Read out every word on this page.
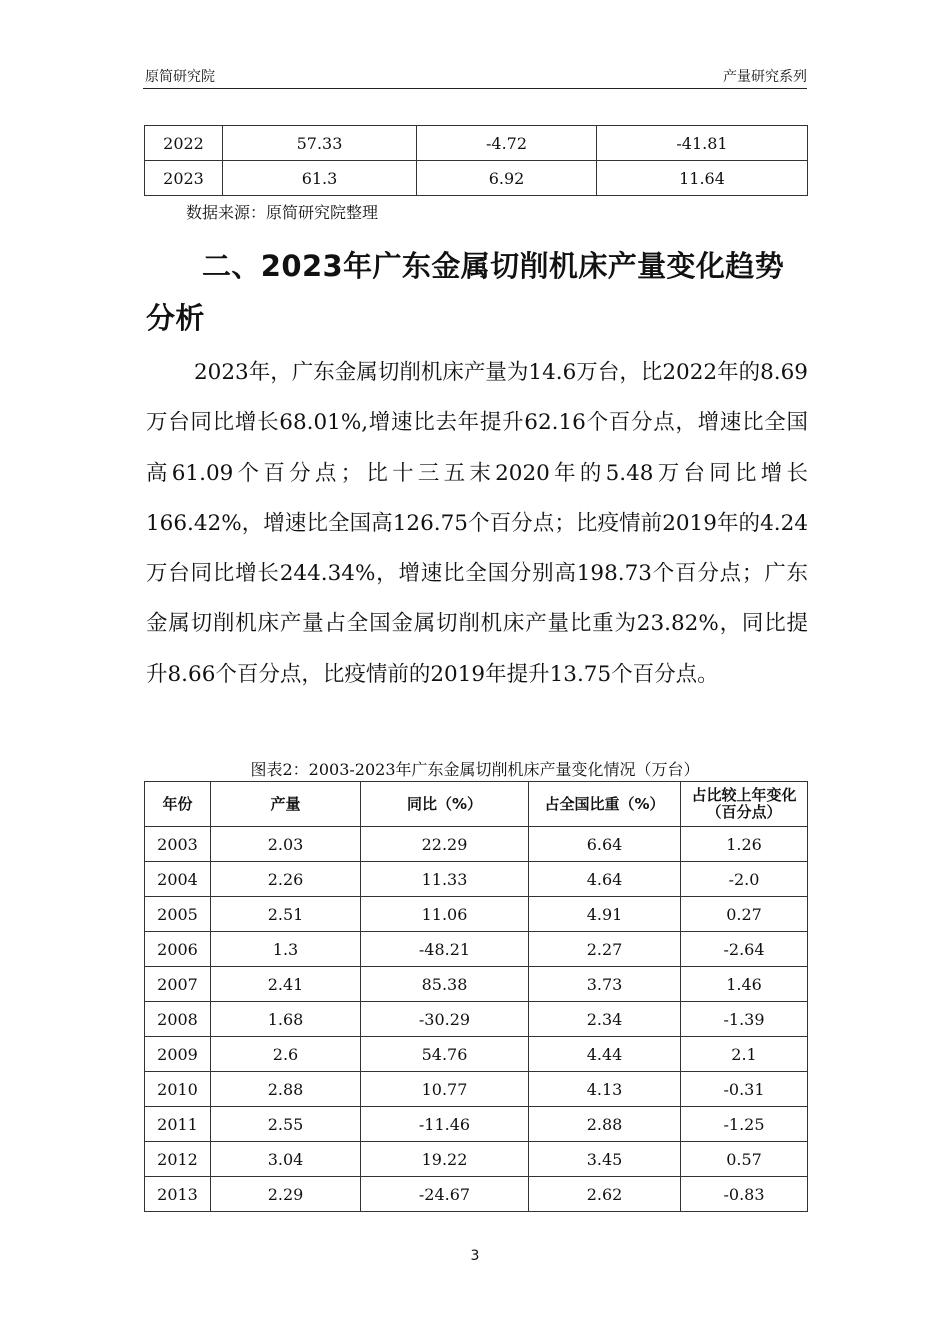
原简研究院	产量研究系列
2022	57.33	-4.72	-41.81
2023	61.3	6.92	11.64
数据来源：原简研究院整理
二、2023年广东金属切削机床产量变化趋势分析

2023年，广东金属切削机床产量为14.6万台，比2022年的8.69万台同比增长68.01%,增速比去年提升62.16个百分点，增速比全国高61.09个百分点；比十三五末2020年的5.48万台同比增长166.42%，增速比全国高126.75个百分点；比疫情前2019年的4.24万台同比增长244.34%，增速比全国分别高198.73个百分点；广东金属切削机床产量占全国金属切削机床产量比重为23.82%，同比提升8.66个百分点，比疫情前的2019年提升13.75个百分点。

图表2：2003-2023年广东金属切削机床产量变化情况（万台）
年份	产量	同比（%）	占全国比重（%）	占比较上年变化（百分点）
2003	2.03	22.29	6.64	1.26
2004	2.26	11.33	4.64	-2.0
2005	2.51	11.06	4.91	0.27
2006	1.3	-48.21	2.27	-2.64
2007	2.41	85.38	3.73	1.46
2008	1.68	-30.29	2.34	-1.39
2009	2.6	54.76	4.44	2.1
2010	2.88	10.77	4.13	-0.31
2011	2.55	-11.46	2.88	-1.25
2012	3.04	19.22	3.45	0.57
2013	2.29	-24.67	2.62	-0.83
3
